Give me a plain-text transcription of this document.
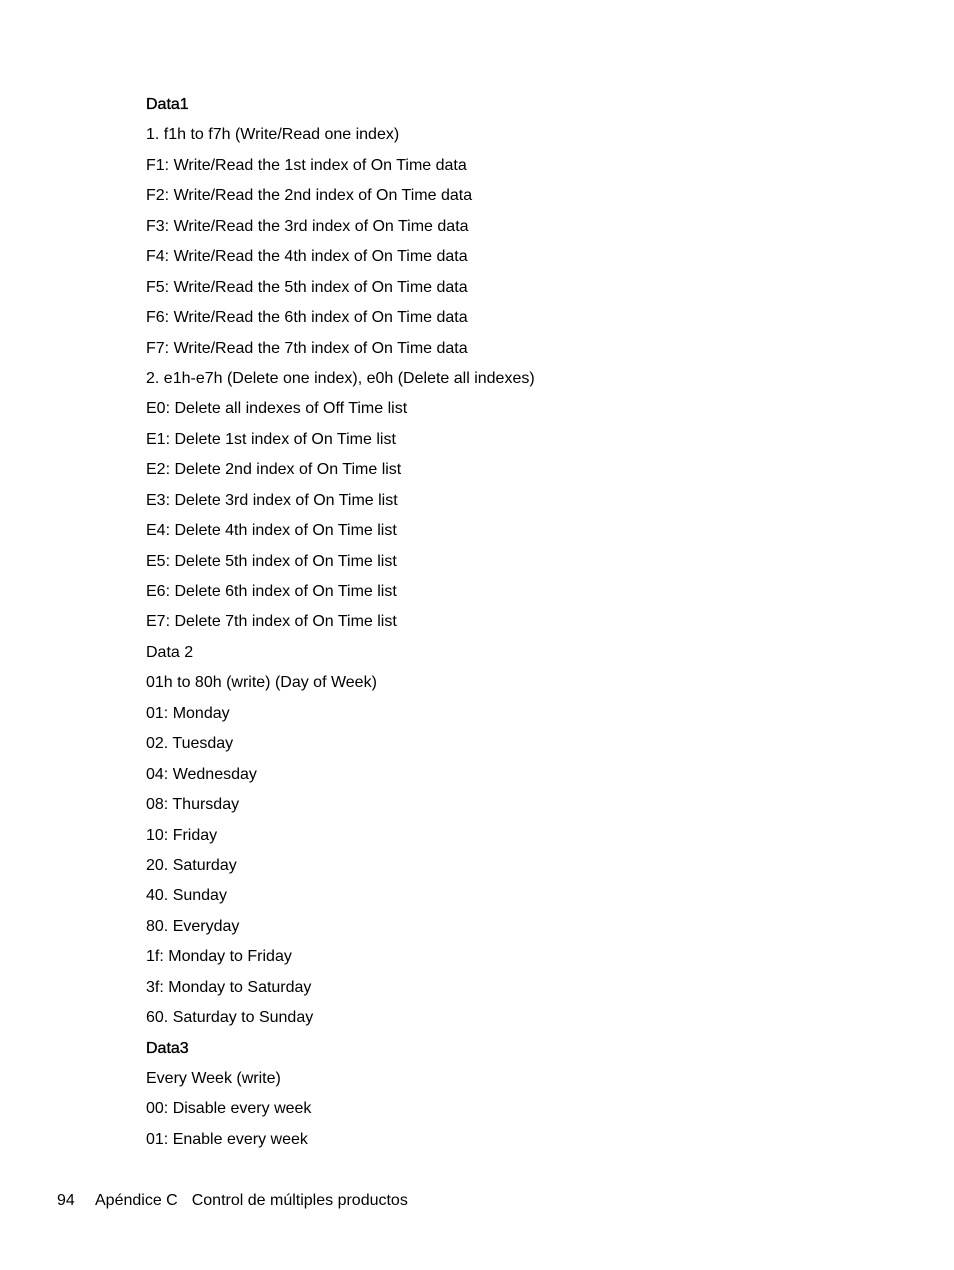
Data1
1. f1h to f7h (Write/Read one index)
F1: Write/Read the 1st index of On Time data
F2: Write/Read the 2nd index of On Time data
F3: Write/Read the 3rd index of On Time data
F4: Write/Read the 4th index of On Time data
F5: Write/Read the 5th index of On Time data
F6: Write/Read the 6th index of On Time data
F7: Write/Read the 7th index of On Time data
2. e1h-e7h (Delete one index), e0h (Delete all indexes)
E0: Delete all indexes of Off Time list
E1: Delete 1st index of On Time list
E2: Delete 2nd index of On Time list
E3: Delete 3rd index of On Time list
E4: Delete 4th index of On Time list
E5: Delete 5th index of On Time list
E6: Delete 6th index of On Time list
E7: Delete 7th index of On Time list
Data 2
01h to 80h (write) (Day of Week)
01: Monday
02. Tuesday
04: Wednesday
08: Thursday
10: Friday
20. Saturday
40. Sunday
80. Everyday
1f: Monday to Friday
3f: Monday to Saturday
60. Saturday to Sunday
Data3
Every Week (write)
00: Disable every week
01: Enable every week
94 Apéndice C Control de múltiples productos
